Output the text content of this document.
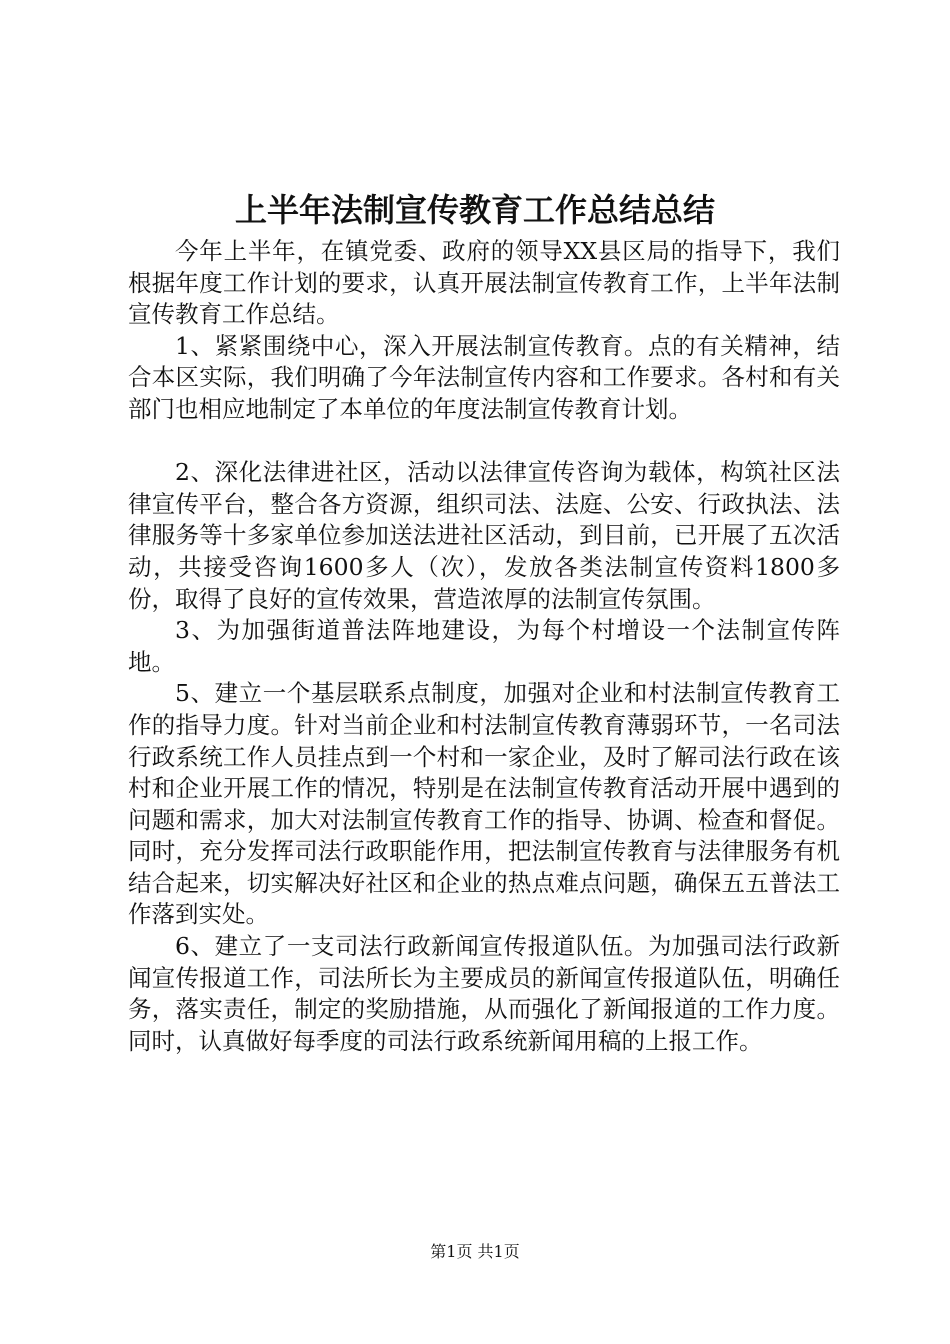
上半年法制宣传教育工作总结总结

今年上半年，在镇党委、政府的领导XX县区局的指导下，我们根据年度工作计划的要求，认真开展法制宣传教育工作，上半年法制宣传教育工作总结。

1、紧紧围绕中心，深入开展法制宣传教育。点的有关精神，结合本区实际，我们明确了今年法制宣传内容和工作要求。各村和有关部门也相应地制定了本单位的年度法制宣传教育计划。

2、深化法律进社区，活动以法律宣传咨询为载体，构筑社区法律宣传平台，整合各方资源，组织司法、法庭、公安、行政执法、法律服务等十多家单位参加送法进社区活动，到目前，已开展了五次活动，共接受咨询1600多人（次），发放各类法制宣传资料1800多份，取得了良好的宣传效果，营造浓厚的法制宣传氛围。

3、为加强街道普法阵地建设，为每个村增设一个法制宣传阵地。

5、建立一个基层联系点制度，加强对企业和村法制宣传教育工作的指导力度。针对当前企业和村法制宣传教育薄弱环节，一名司法行政系统工作人员挂点到一个村和一家企业，及时了解司法行政在该村和企业开展工作的情况，特别是在法制宣传教育活动开展中遇到的问题和需求，加大对法制宣传教育工作的指导、协调、检查和督促。同时，充分发挥司法行政职能作用，把法制宣传教育与法律服务有机结合起来，切实解决好社区和企业的热点难点问题，确保五五普法工作落到实处。

6、建立了一支司法行政新闻宣传报道队伍。为加强司法行政新闻宣传报道工作，司法所长为主要成员的新闻宣传报道队伍，明确任务，落实责任，制定的奖励措施，从而强化了新闻报道的工作力度。同时，认真做好每季度的司法行政系统新闻用稿的上报工作。

第1页 共1页
